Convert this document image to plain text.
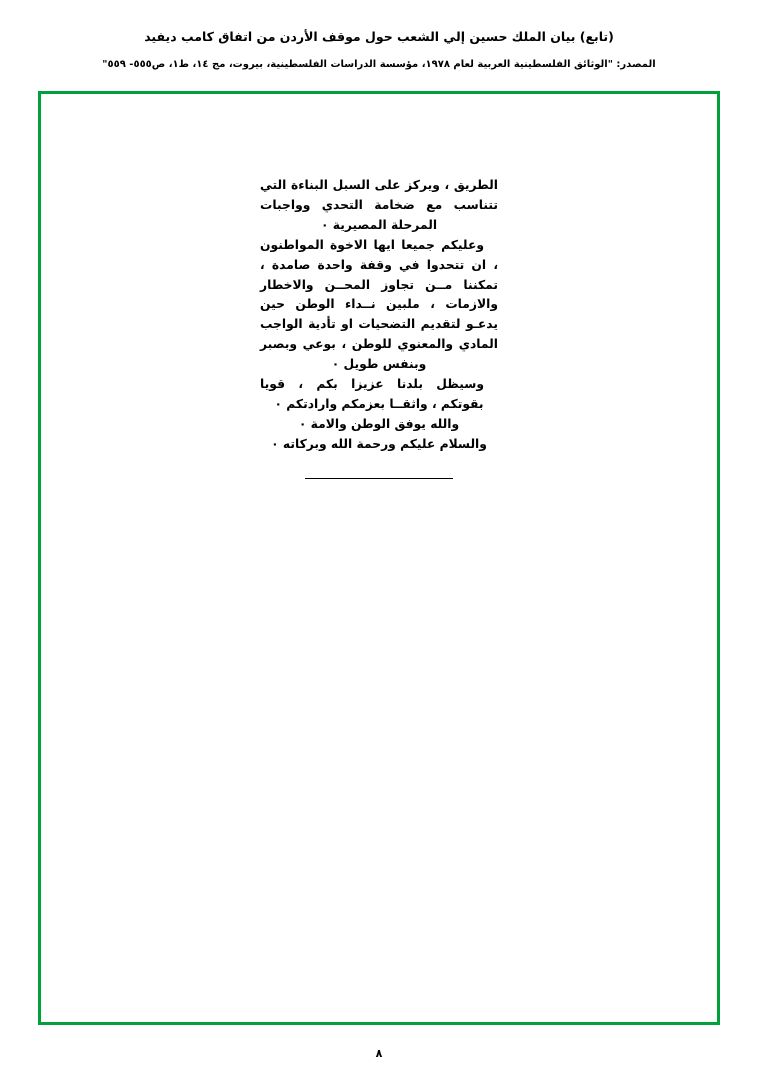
(تابع) بيان الملك حسين إلي الشعب حول موقف الأردن من اتفاق كامب ديفيد
المصدر: "الوثائق الفلسطينية العربية لعام ١٩٧٨، مؤسسة الدراسات الفلسطينية، بيروت، مج ١٤، ط١، ص٥٥٥- ٥٥٩"

الطريق ، ويركز على السبل البناءة التي تتناسب مع ضخامة التحدي وواجبات المرحلة المصيرية ٠

وعليكم جميعا ايها الاخوة المواطنون ، ان تتحدوا في وقفة واحدة صامدة ، تمكننا مــن تجاوز المحــن والاخطار والازمات ، ملبين نــداء الوطن حين يدعـو لتقديم التضحيات او تأدية الواجب المادي والمعنوي للوطن ، بوعي وبصبر وبنفس طويل ٠

وسيظل بلدنا عزيزا بكم ، قويا بقوتكم ، واثقــا بعزمكم وارادتكم ٠

والله يوفق الوطن والامة ٠

والسلام عليكم ورحمة الله وبركاته ٠

٨
